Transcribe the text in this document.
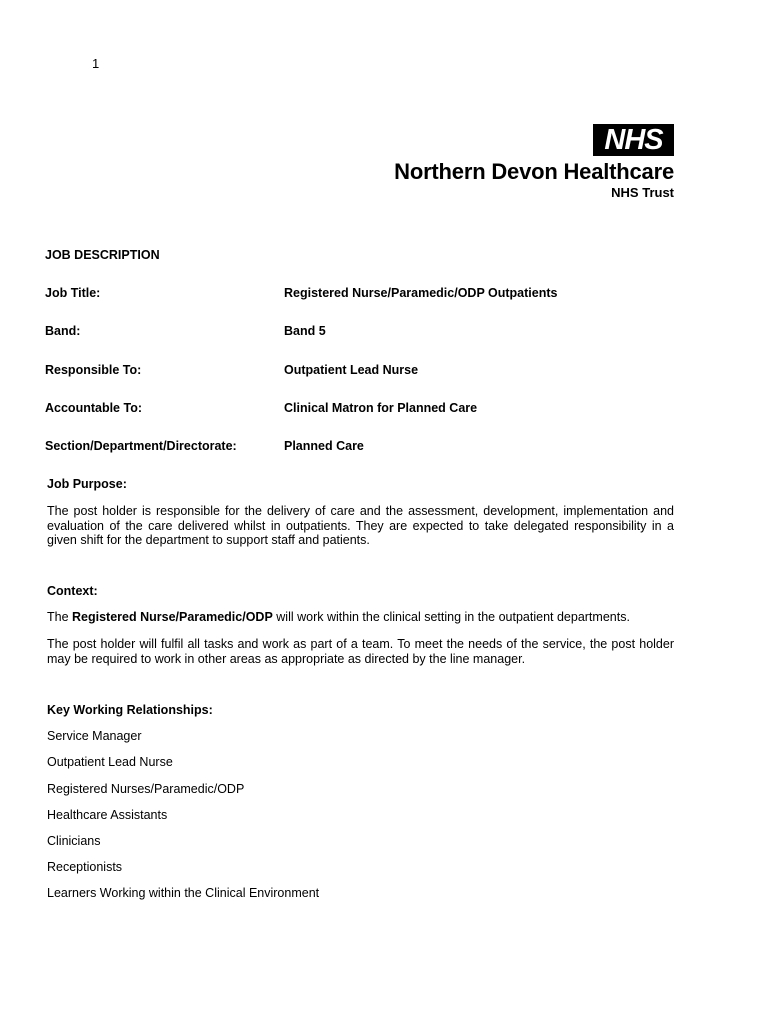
1
NHS
Northern Devon Healthcare
NHS Trust
JOB DESCRIPTION
Job Title:	Registered Nurse/Paramedic/ODP Outpatients
Band:	Band 5
Responsible To:	Outpatient Lead Nurse
Accountable To:	Clinical Matron for Planned Care
Section/Department/Directorate:	Planned Care
Job Purpose:
The post holder is responsible for the delivery of care and the assessment, development, implementation and evaluation of the care delivered whilst in outpatients. They are expected to take delegated responsibility in a given shift for the department to support staff and patients.
Context:
The Registered Nurse/Paramedic/ODP will work within the clinical setting in the outpatient departments.
The post holder will fulfil all tasks and work as part of a team. To meet the needs of the service, the post holder may be required to work in other areas as appropriate as directed by the line manager.
Key Working Relationships:
Service Manager
Outpatient Lead Nurse
Registered Nurses/Paramedic/ODP
Healthcare Assistants
Clinicians
Receptionists
Learners Working within the Clinical Environment
